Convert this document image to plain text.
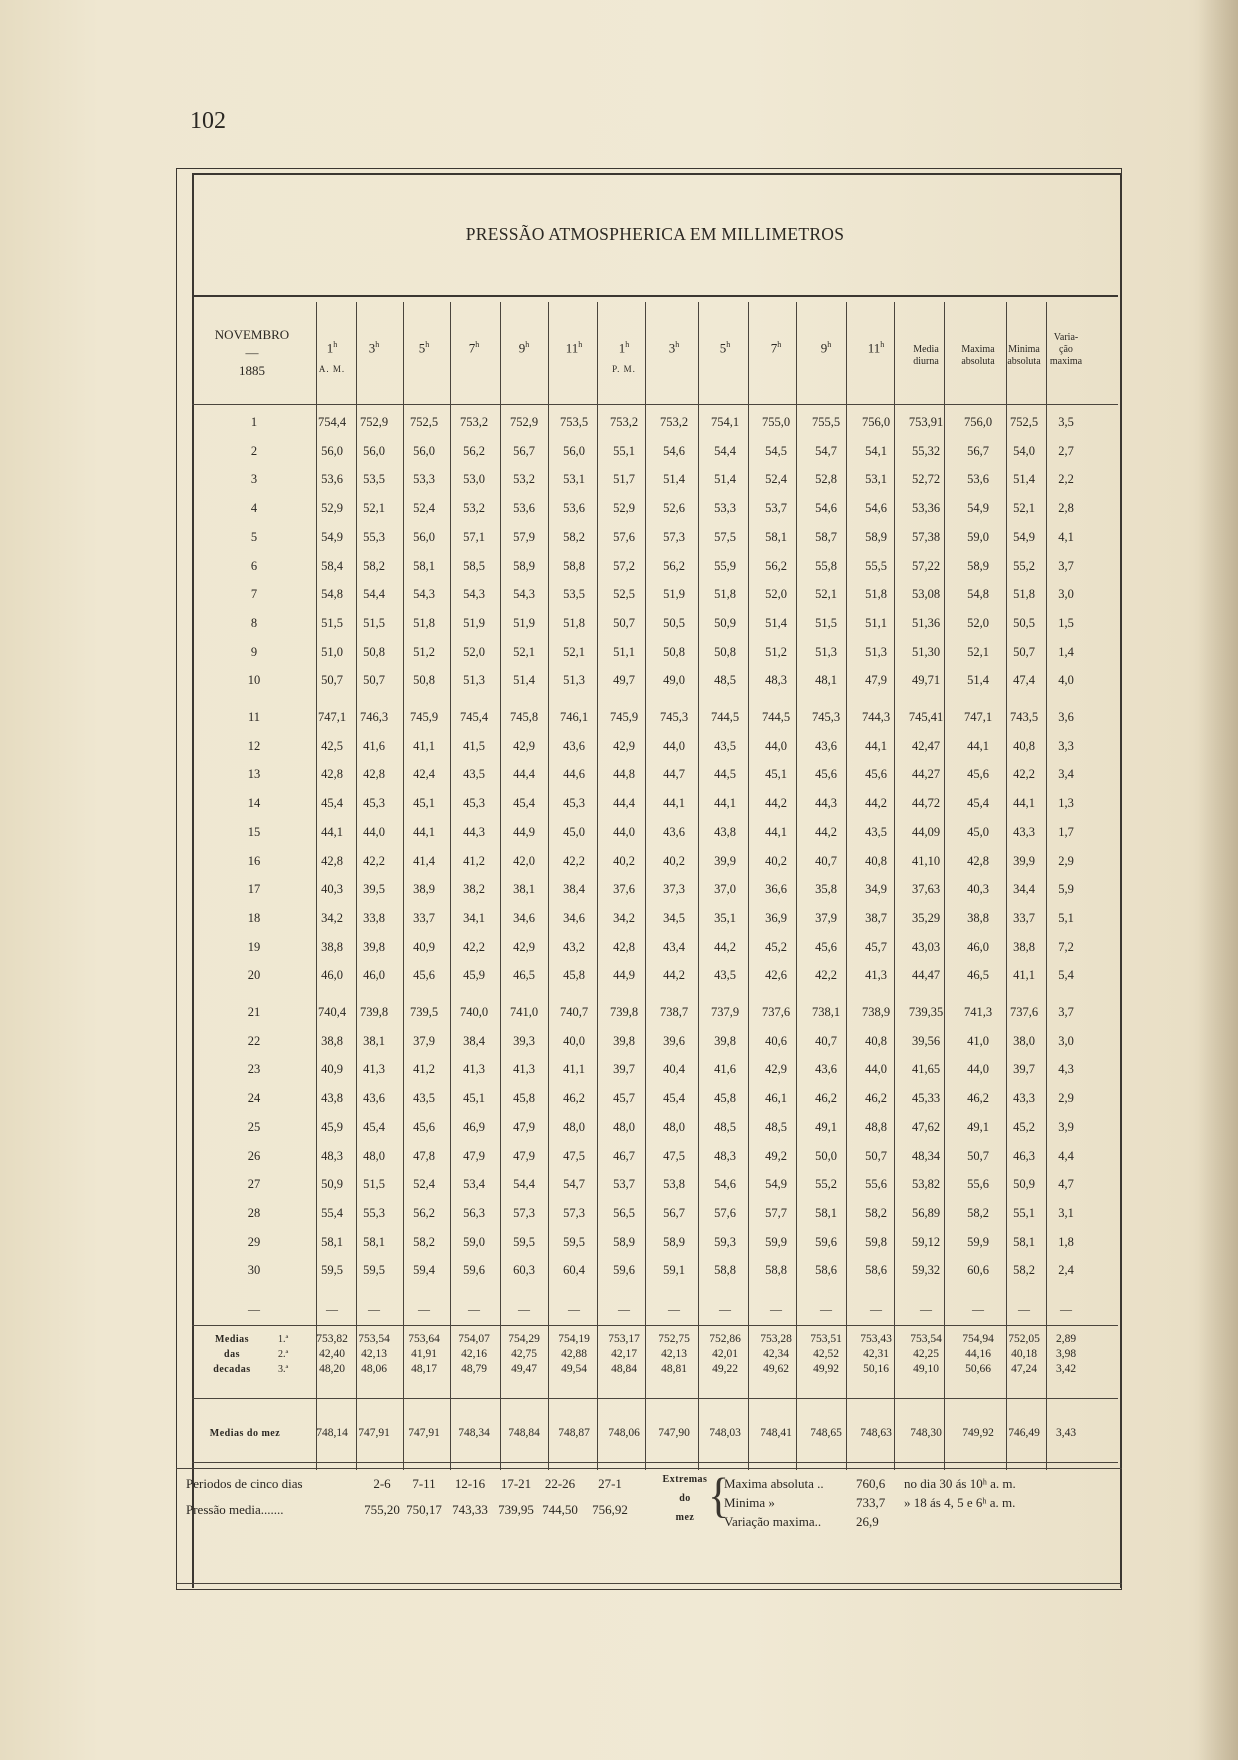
102
PRESSÃO ATMOSPHERICA EM MILLIMETROS
NOVEMBRO
—
1885
1$^h$	3$^h$	5$^h$	7$^h$	9$^h$	11$^h$	1$^h$	3$^h$	5$^h$	7$^h$	9$^h$	11$^h$
A. M.	P. M.
Media
diurna
Maxima
absoluta
Minima
absoluta
Varia-
ção
maxima
1	754,4	752,9	752,5	753,2	752,9	753,5	753,2	753,2	754,1	755,0	755,5	756,0	753,91	756,0	752,5	3,5
2	56,0	56,0	56,0	56,2	56,7	56,0	55,1	54,6	54,4	54,5	54,7	54,1	55,32	56,7	54,0	2,7
3	53,6	53,5	53,3	53,0	53,2	53,1	51,7	51,4	51,4	52,4	52,8	53,1	52,72	53,6	51,4	2,2
4	52,9	52,1	52,4	53,2	53,6	53,6	52,9	52,6	53,3	53,7	54,6	54,6	53,36	54,9	52,1	2,8
5	54,9	55,3	56,0	57,1	57,9	58,2	57,6	57,3	57,5	58,1	58,7	58,9	57,38	59,0	54,9	4,1
6	58,4	58,2	58,1	58,5	58,9	58,8	57,2	56,2	55,9	56,2	55,8	55,5	57,22	58,9	55,2	3,7
7	54,8	54,4	54,3	54,3	54,3	53,5	52,5	51,9	51,8	52,0	52,1	51,8	53,08	54,8	51,8	3,0
8	51,5	51,5	51,8	51,9	51,9	51,8	50,7	50,5	50,9	51,4	51,5	51,1	51,36	52,0	50,5	1,5
9	51,0	50,8	51,2	52,0	52,1	52,1	51,1	50,8	50,8	51,2	51,3	51,3	51,30	52,1	50,7	1,4
10	50,7	50,7	50,8	51,3	51,4	51,3	49,7	49,0	48,5	48,3	48,1	47,9	49,71	51,4	47,4	4,0
11	747,1	746,3	745,9	745,4	745,8	746,1	745,9	745,3	744,5	744,5	745,3	744,3	745,41	747,1	743,5	3,6
12	42,5	41,6	41,1	41,5	42,9	43,6	42,9	44,0	43,5	44,0	43,6	44,1	42,47	44,1	40,8	3,3
13	42,8	42,8	42,4	43,5	44,4	44,6	44,8	44,7	44,5	45,1	45,6	45,6	44,27	45,6	42,2	3,4
14	45,4	45,3	45,1	45,3	45,4	45,3	44,4	44,1	44,1	44,2	44,3	44,2	44,72	45,4	44,1	1,3
15	44,1	44,0	44,1	44,3	44,9	45,0	44,0	43,6	43,8	44,1	44,2	43,5	44,09	45,0	43,3	1,7
16	42,8	42,2	41,4	41,2	42,0	42,2	40,2	40,2	39,9	40,2	40,7	40,8	41,10	42,8	39,9	2,9
17	40,3	39,5	38,9	38,2	38,1	38,4	37,6	37,3	37,0	36,6	35,8	34,9	37,63	40,3	34,4	5,9
18	34,2	33,8	33,7	34,1	34,6	34,6	34,2	34,5	35,1	36,9	37,9	38,7	35,29	38,8	33,7	5,1
19	38,8	39,8	40,9	42,2	42,9	43,2	42,8	43,4	44,2	45,2	45,6	45,7	43,03	46,0	38,8	7,2
20	46,0	46,0	45,6	45,9	46,5	45,8	44,9	44,2	43,5	42,6	42,2	41,3	44,47	46,5	41,1	5,4
21	740,4	739,8	739,5	740,0	741,0	740,7	739,8	738,7	737,9	737,6	738,1	738,9	739,35	741,3	737,6	3,7
22	38,8	38,1	37,9	38,4	39,3	40,0	39,8	39,6	39,8	40,6	40,7	40,8	39,56	41,0	38,0	3,0
23	40,9	41,3	41,2	41,3	41,3	41,1	39,7	40,4	41,6	42,9	43,6	44,0	41,65	44,0	39,7	4,3
24	43,8	43,6	43,5	45,1	45,8	46,2	45,7	45,4	45,8	46,1	46,2	46,2	45,33	46,2	43,3	2,9
25	45,9	45,4	45,6	46,9	47,9	48,0	48,0	48,0	48,5	48,5	49,1	48,8	47,62	49,1	45,2	3,9
26	48,3	48,0	47,8	47,9	47,9	47,5	46,7	47,5	48,3	49,2	50,0	50,7	48,34	50,7	46,3	4,4
27	50,9	51,5	52,4	53,4	54,4	54,7	53,7	53,8	54,6	54,9	55,2	55,6	53,82	55,6	50,9	4,7
28	55,4	55,3	56,2	56,3	57,3	57,3	56,5	56,7	57,6	57,7	58,1	58,2	56,89	58,2	55,1	3,1
29	58,1	58,1	58,2	59,0	59,5	59,5	58,9	58,9	59,3	59,9	59,6	59,8	59,12	59,9	58,1	1,8
30	59,5	59,5	59,4	59,6	60,3	60,4	59,6	59,1	58,8	58,8	58,6	58,6	59,32	60,6	58,2	2,4
—	—	—	—	—	—	—	—	—	—	—	—	—	—	—	—	—
Medias
das
decadas
1.ª
2.ª
3.ª
753,82 753,54	753,64	754,07	754,29	754,19	753,17	752,75	752,86	753,28	753,51	753,43	753,54	754,94	752,05	2,89
42,40	42,13	41,91	42,16	42,75	42,88	42,17	42,13	42,01	42,34	42,52	42,31	42,25	44,16	40,18	3,98
48,20	48,06	48,17	48,79	49,47	49,54	48,84	48,81	49,22	49,62	49,92	50,16	49,10	50,66	47,24	3,42
Medias do mez	748,14 747,91	747,91	748,34	748,84	748,87	748,06	747,90	748,03	748,41	748,65	748,63	748,30	749,92	746,49	3,43
Periodos de cinco dias
Pressão media.......
2-6	7-11	12-16	17-21	22-26	27-1
755,20 750,17 743,33 739,95 744,50	756,92
Extremas
do
mez {
Maxima absoluta .. 760,6 no dia 30 ás 10ʰ a. m.
Minima »	733,7 » 18 ás 4, 5 e 6ʰ a. m.
Variação maxima..	26,9
